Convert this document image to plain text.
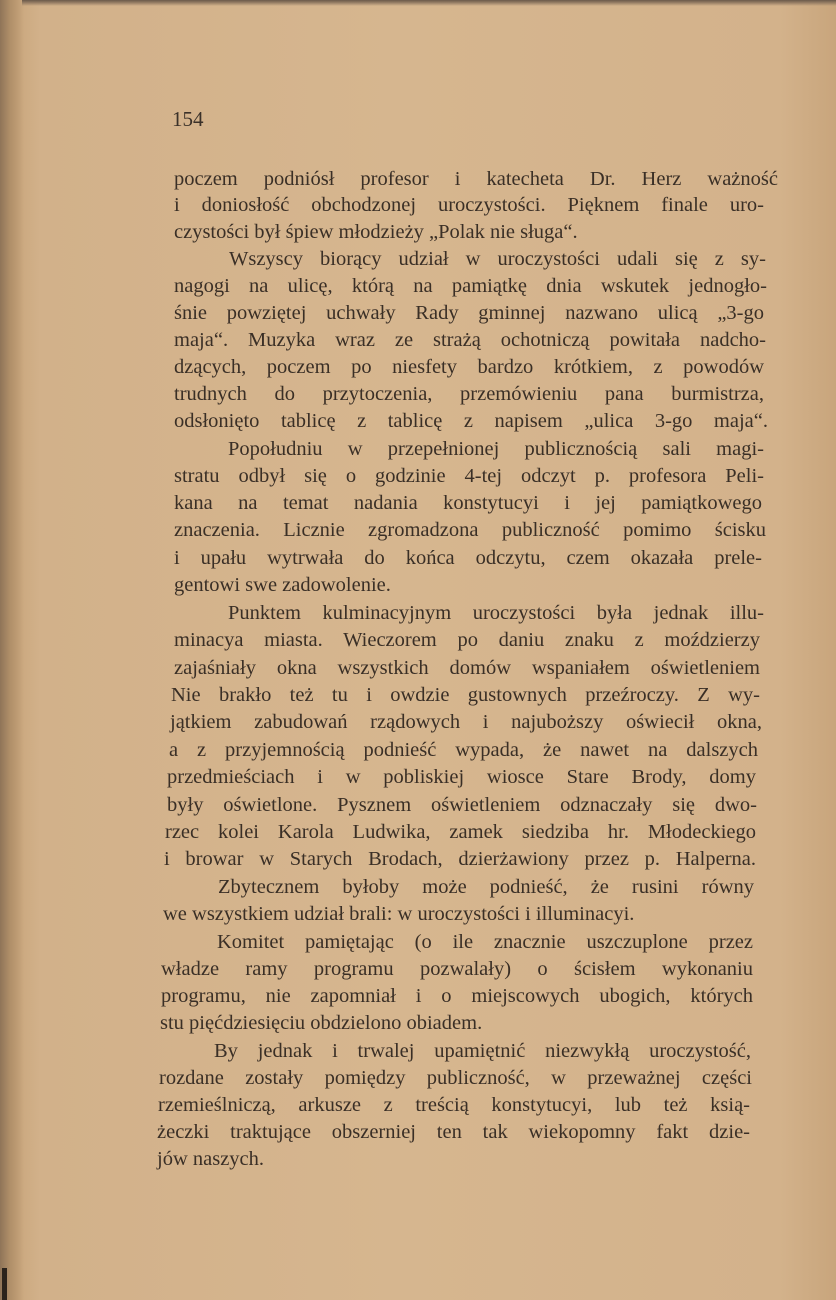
154

poczem podniósł profesor i katecheta Dr. Herz ważność

i doniosłość obchodzonej uroczystości. Pięknem finale uro-

czystości był śpiew młodzieży „Polak nie sługa“.

Wszyscy biorący udział w uroczystości udali się z sy-

nagogi na ulicę, którą na pamiątkę dnia wskutek jednogło-

śnie powziętej uchwały Rady gminnej nazwano ulicą „3-go

maja“. Muzyka wraz ze strażą ochotniczą powitała nadcho-

dzących, poczem po niesfety bardzo krótkiem, z powodów

trudnych do przytoczenia, przemówieniu pana burmistrza,

odsłonięto tablicę z tablicę z napisem „ulica 3-go maja“.

Popołudniu w przepełnionej publicznością sali magi-

stratu odbył się o godzinie 4-tej odczyt p. profesora Peli-

kana na temat nadania konstytucyi i jej pamiątkowego

znaczenia. Licznie zgromadzona publiczność pomimo ścisku

i upału wytrwała do końca odczytu, czem okazała prele-

gentowi swe zadowolenie.

Punktem kulminacyjnym uroczystości była jednak illu-

minacya miasta. Wieczorem po daniu znaku z moździerzy

zajaśniały okna wszystkich domów wspaniałem oświetleniem

Nie brakło też tu i owdzie gustownych przeźroczy. Z wy-

jątkiem zabudowań rządowych i najuboższy oświecił okna,

a z przyjemnością podnieść wypada, że nawet na dalszych

przedmieściach i w pobliskiej wiosce Stare Brody, domy

były oświetlone. Pysznem oświetleniem odznaczały się dwo-

rzec kolei Karola Ludwika, zamek siedziba hr. Młodeckiego

i browar w Starych Brodach, dzierżawiony przez p. Halperna.

Zbytecznem byłoby może podnieść, że rusini równy

we wszystkiem udział brali: w uroczystości i illuminacyi.

Komitet pamiętając (o ile znacznie uszczuplone przez

władze ramy programu pozwalały) o ścisłem wykonaniu

programu, nie zapomniał i o miejscowych ubogich, których

stu pięćdziesięciu obdzielono obiadem.

By jednak i trwalej upamiętnić niezwykłą uroczystość,

rozdane zostały pomiędzy publiczność, w przeważnej części

rzemieślniczą, arkusze z treścią konstytucyi, lub też ksią-

żeczki traktujące obszerniej ten tak wiekopomny fakt dzie-

jów naszych.
